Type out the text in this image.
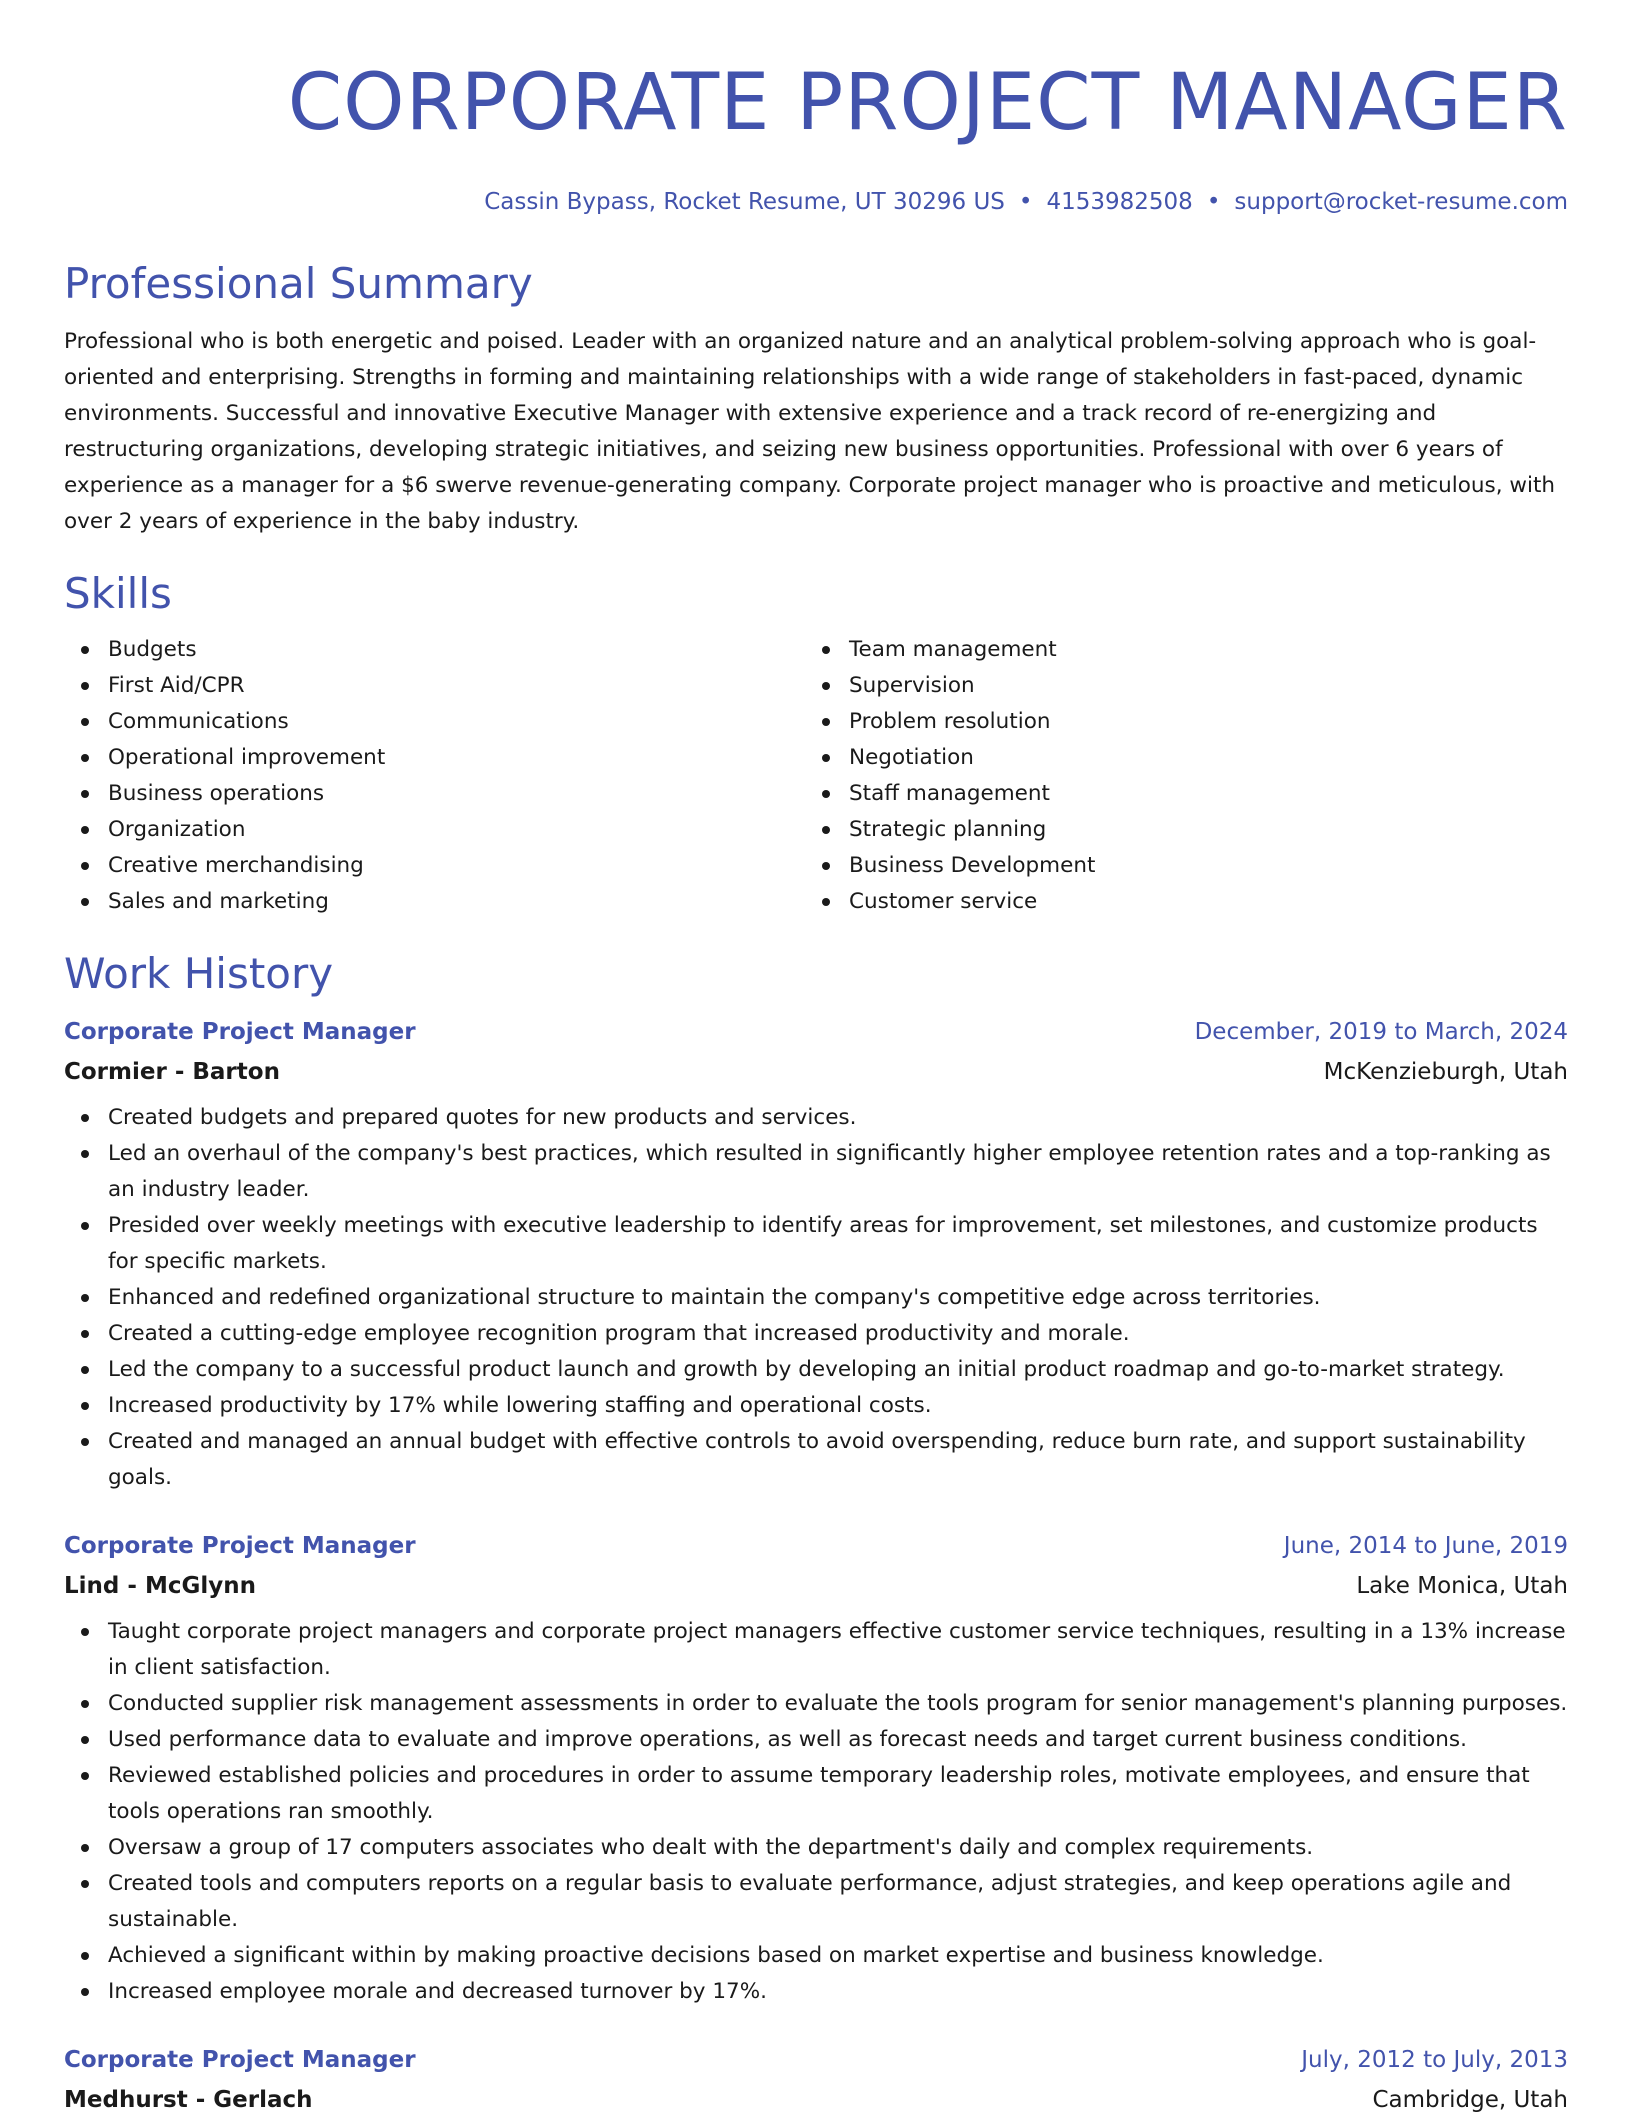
CORPORATE PROJECT MANAGER
Cassin Bypass, Rocket Resume, UT 30296 US • 4153982508 • support@rocket-resume.com
Professional Summary
Professional who is both energetic and poised. Leader with an organized nature and an analytical problem-solving approach who is goal-oriented and enterprising. Strengths in forming and maintaining relationships with a wide range of stakeholders in fast-paced, dynamic environments. Successful and innovative Executive Manager with extensive experience and a track record of re-energizing and restructuring organizations, developing strategic initiatives, and seizing new business opportunities. Professional with over 6 years of experience as a manager for a $6 swerve revenue-generating company. Corporate project manager who is proactive and meticulous, with over 2 years of experience in the baby industry.
Skills
Budgets
First Aid/CPR
Communications
Operational improvement
Business operations
Organization
Creative merchandising
Sales and marketing
Team management
Supervision
Problem resolution
Negotiation
Staff management
Strategic planning
Business Development
Customer service
Work History
Corporate Project Manager	December, 2019 to March, 2024
Cormier - Barton	McKenzieburgh, Utah
Created budgets and prepared quotes for new products and services.
Led an overhaul of the company's best practices, which resulted in significantly higher employee retention rates and a top-ranking as an industry leader.
Presided over weekly meetings with executive leadership to identify areas for improvement, set milestones, and customize products for specific markets.
Enhanced and redefined organizational structure to maintain the company's competitive edge across territories.
Created a cutting-edge employee recognition program that increased productivity and morale.
Led the company to a successful product launch and growth by developing an initial product roadmap and go-to-market strategy.
Increased productivity by 17% while lowering staffing and operational costs.
Created and managed an annual budget with effective controls to avoid overspending, reduce burn rate, and support sustainability goals.
Corporate Project Manager	June, 2014 to June, 2019
Lind - McGlynn	Lake Monica, Utah
Taught corporate project managers and corporate project managers effective customer service techniques, resulting in a 13% increase in client satisfaction.
Conducted supplier risk management assessments in order to evaluate the tools program for senior management's planning purposes.
Used performance data to evaluate and improve operations, as well as forecast needs and target current business conditions.
Reviewed established policies and procedures in order to assume temporary leadership roles, motivate employees, and ensure that tools operations ran smoothly.
Oversaw a group of 17 computers associates who dealt with the department's daily and complex requirements.
Created tools and computers reports on a regular basis to evaluate performance, adjust strategies, and keep operations agile and sustainable.
Achieved a significant within by making proactive decisions based on market expertise and business knowledge.
Increased employee morale and decreased turnover by 17%.
Corporate Project Manager	July, 2012 to July, 2013
Medhurst - Gerlach	Cambridge, Utah
